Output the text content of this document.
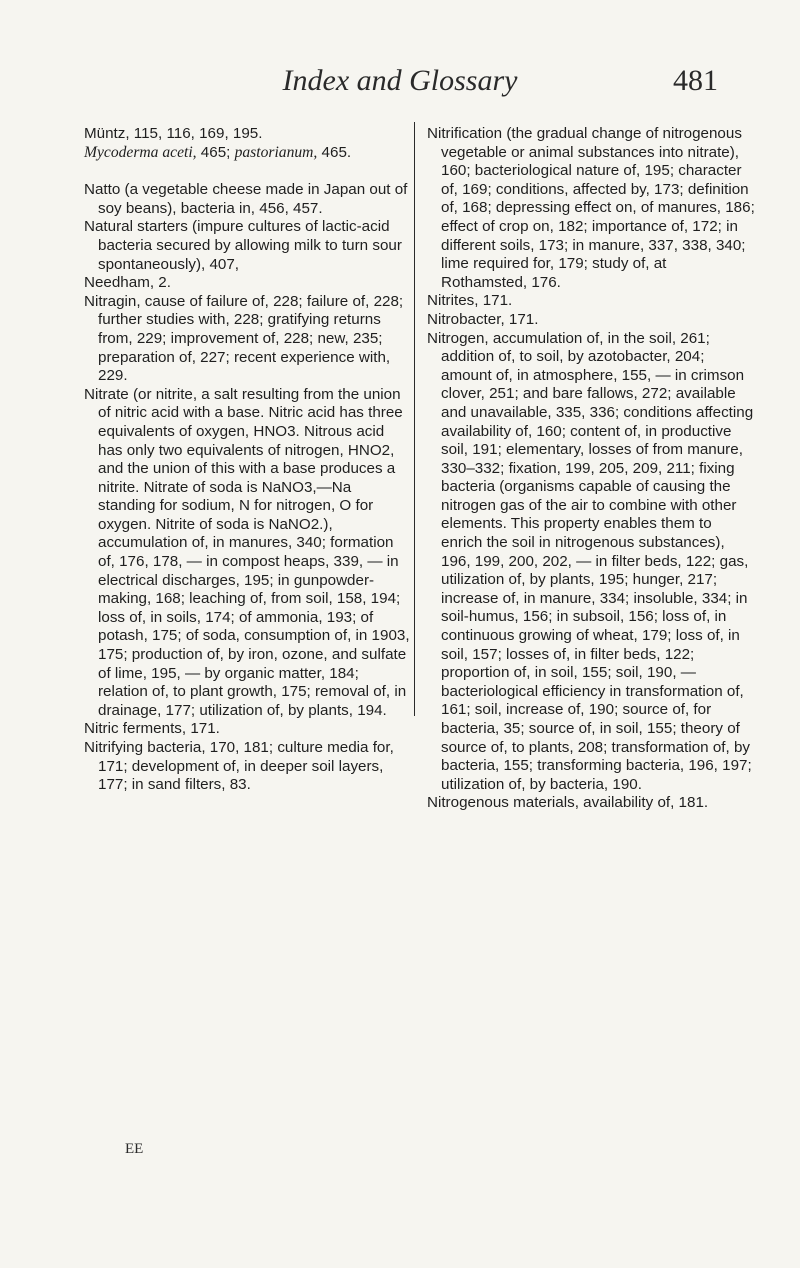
Index and Glossary	481

Müntz, 115, 116, 169, 195.

Mycoderma aceti, 465; pastorianum, 465.

Natto (a vegetable cheese made in Japan out of soy beans), bacteria in, 456, 457.

Natural starters (impure cultures of lactic-acid bacteria secured by allowing milk to turn sour spontaneously), 407,

Needham, 2.

Nitragin, cause of failure of, 228; failure of, 228; further studies with, 228; gratifying returns from, 229; improvement of, 228; new, 235; preparation of, 227; recent experience with, 229.

Nitrate (or nitrite, a salt resulting from the union of nitric acid with a base. Nitric acid has three equivalents of oxygen, HNO3. Nitrous acid has only two equivalents of nitrogen, HNO2, and the union of this with a base produces a nitrite. Nitrate of soda is NaNO3,—Na standing for sodium, N for nitrogen, O for oxygen. Nitrite of soda is NaNO2.), accumulation of, in manures, 340; formation of, 176, 178, — in compost heaps, 339, — in electrical discharges, 195; in gunpowder-making, 168; leaching of, from soil, 158, 194; loss of, in soils, 174; of ammonia, 193; of potash, 175; of soda, consumption of, in 1903, 175; production of, by iron, ozone, and sulfate of lime, 195, — by organic matter, 184; relation of, to plant growth, 175; removal of, in drainage, 177; utilization of, by plants, 194.

Nitric ferments, 171.

Nitrifying bacteria, 170, 181; culture media for, 171; development of, in deeper soil layers, 177; in sand filters, 83.

Nitrification (the gradual change of nitrogenous vegetable or animal substances into nitrate), 160; bacteriological nature of, 195; character of, 169; conditions, affected by, 173; definition of, 168; depressing effect on, of manures, 186; effect of crop on, 182; importance of, 172; in different soils, 173; in manure, 337, 338, 340; lime required for, 179; study of, at Rothamsted, 176.

Nitrites, 171.

Nitrobacter, 171.

Nitrogen, accumulation of, in the soil, 261; addition of, to soil, by azotobacter, 204; amount of, in atmosphere, 155, — in crimson clover, 251; and bare fallows, 272; available and unavailable, 335, 336; conditions affecting availability of, 160; content of, in productive soil, 191; elementary, losses of from manure, 330–332; fixation, 199, 205, 209, 211; fixing bacteria (organisms capable of causing the nitrogen gas of the air to combine with other elements. This property enables them to enrich the soil in nitrogenous substances), 196, 199, 200, 202, — in filter beds, 122; gas, utilization of, by plants, 195; hunger, 217; increase of, in manure, 334; insoluble, 334; in soil-humus, 156; in subsoil, 156; loss of, in continuous growing of wheat, 179; loss of, in soil, 157; losses of, in filter beds, 122; proportion of, in soil, 155; soil, 190, — bacteriological efficiency in transformation of, 161; soil, increase of, 190; source of, for bacteria, 35; source of, in soil, 155; theory of source of, to plants, 208; transformation of, by bacteria, 155; transforming bacteria, 196, 197; utilization of, by bacteria, 190.

Nitrogenous materials, availability of, 181.

EE
